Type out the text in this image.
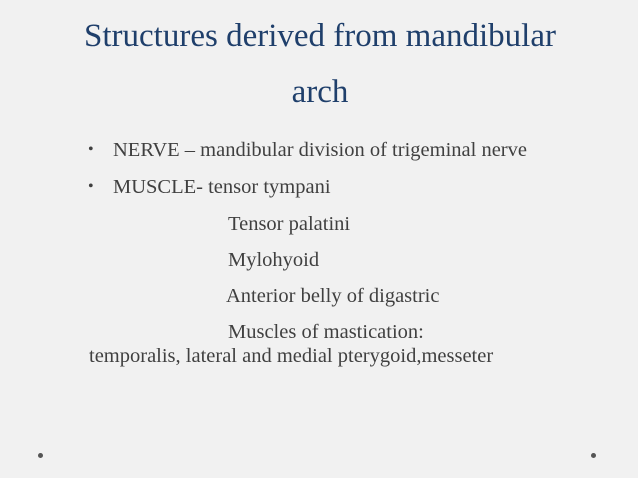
Structures derived from mandibular
arch
• NERVE – mandibular division of trigeminal nerve
• MUSCLE- tensor tympani
Tensor palatini
Mylohyoid
Anterior belly of digastric
Muscles of mastication:
temporalis, lateral and medial pterygoid,messeter
